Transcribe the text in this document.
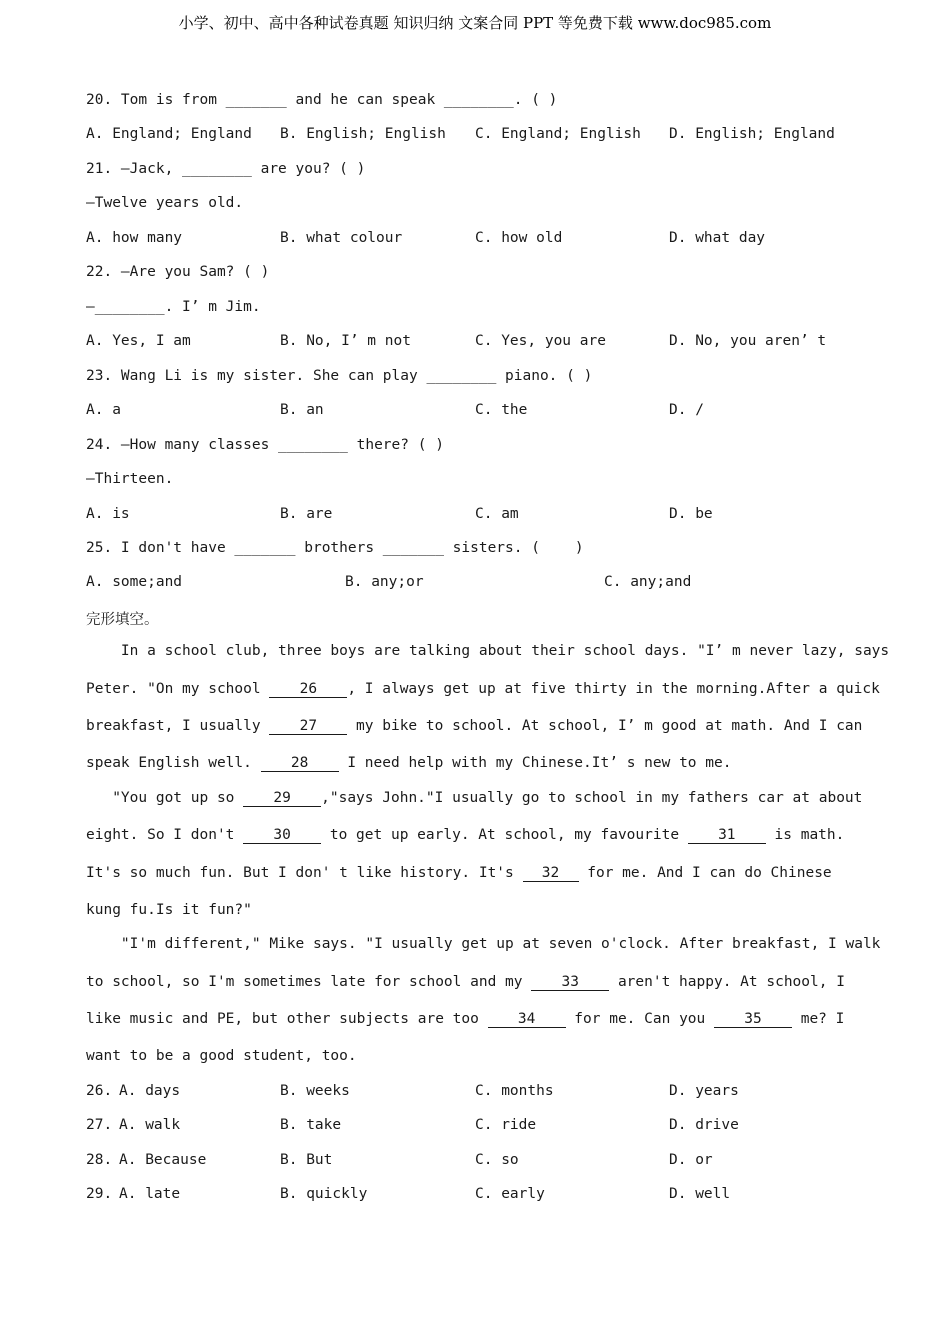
小学、初中、高中各种试卷真题 知识归纳 文案合同 PPT 等免费下载 www.doc985.com
20. Tom is from _______ and he can speak ________. ( )
A. England; England B. English; English C. England; English D. English; England
21. —Jack, ________ are you? ( )
—Twelve years old.
A. how many	B. what colour	C. how old	D. what day
22. —Are you Sam? ( )
—________. I’ m Jim.
A. Yes, I am	B. No, I’ m not	C. Yes, you are	D. No, you aren’ t
23. Wang Li is my sister. She can play ________ piano. ( )
A. a	B. an	C. the	D. /
24. —How many classes ________ there? ( )
—Thirteen.
A. is	B. are	C. am	D. be
25. I don't have _______ brothers _______ sisters. (    )
A. some;and	B. any;or	C. any;and
完形填空。
In a school club, three boys are talking about their school days. "I’ m never lazy, says
Peter. "On my school 26 , I always get up at five thirty in the morning.After a quick
breakfast, I usually 27 my bike to school. At school, I’ m good at math. And I can
speak English well. 28 I need help with my Chinese.It’ s new to me.
"You got up so 29 ,"says John."I usually go to school in my fathers car at about
eight. So I don't 30 to get up early. At school, my favourite 31 is math.
It's so much fun. But I don' t like history. It's 32 for me. And I can do Chinese
kung fu.Is it fun?"
"I'm different," Mike says. "I usually get up at seven o'clock. After breakfast, I walk
to school, so I'm sometimes late for school and my 33 aren't happy. At school, I
like music and PE, but other subjects are too 34 for me. Can you 35 me? I
want to be a good student, too.
26. A. days	B. weeks	C. months	D. years
27. A. walk	B. take	C. ride	D. drive
28. A. Because	B. But	C. so	D. or
29. A. late	B. quickly	C. early	D. well
